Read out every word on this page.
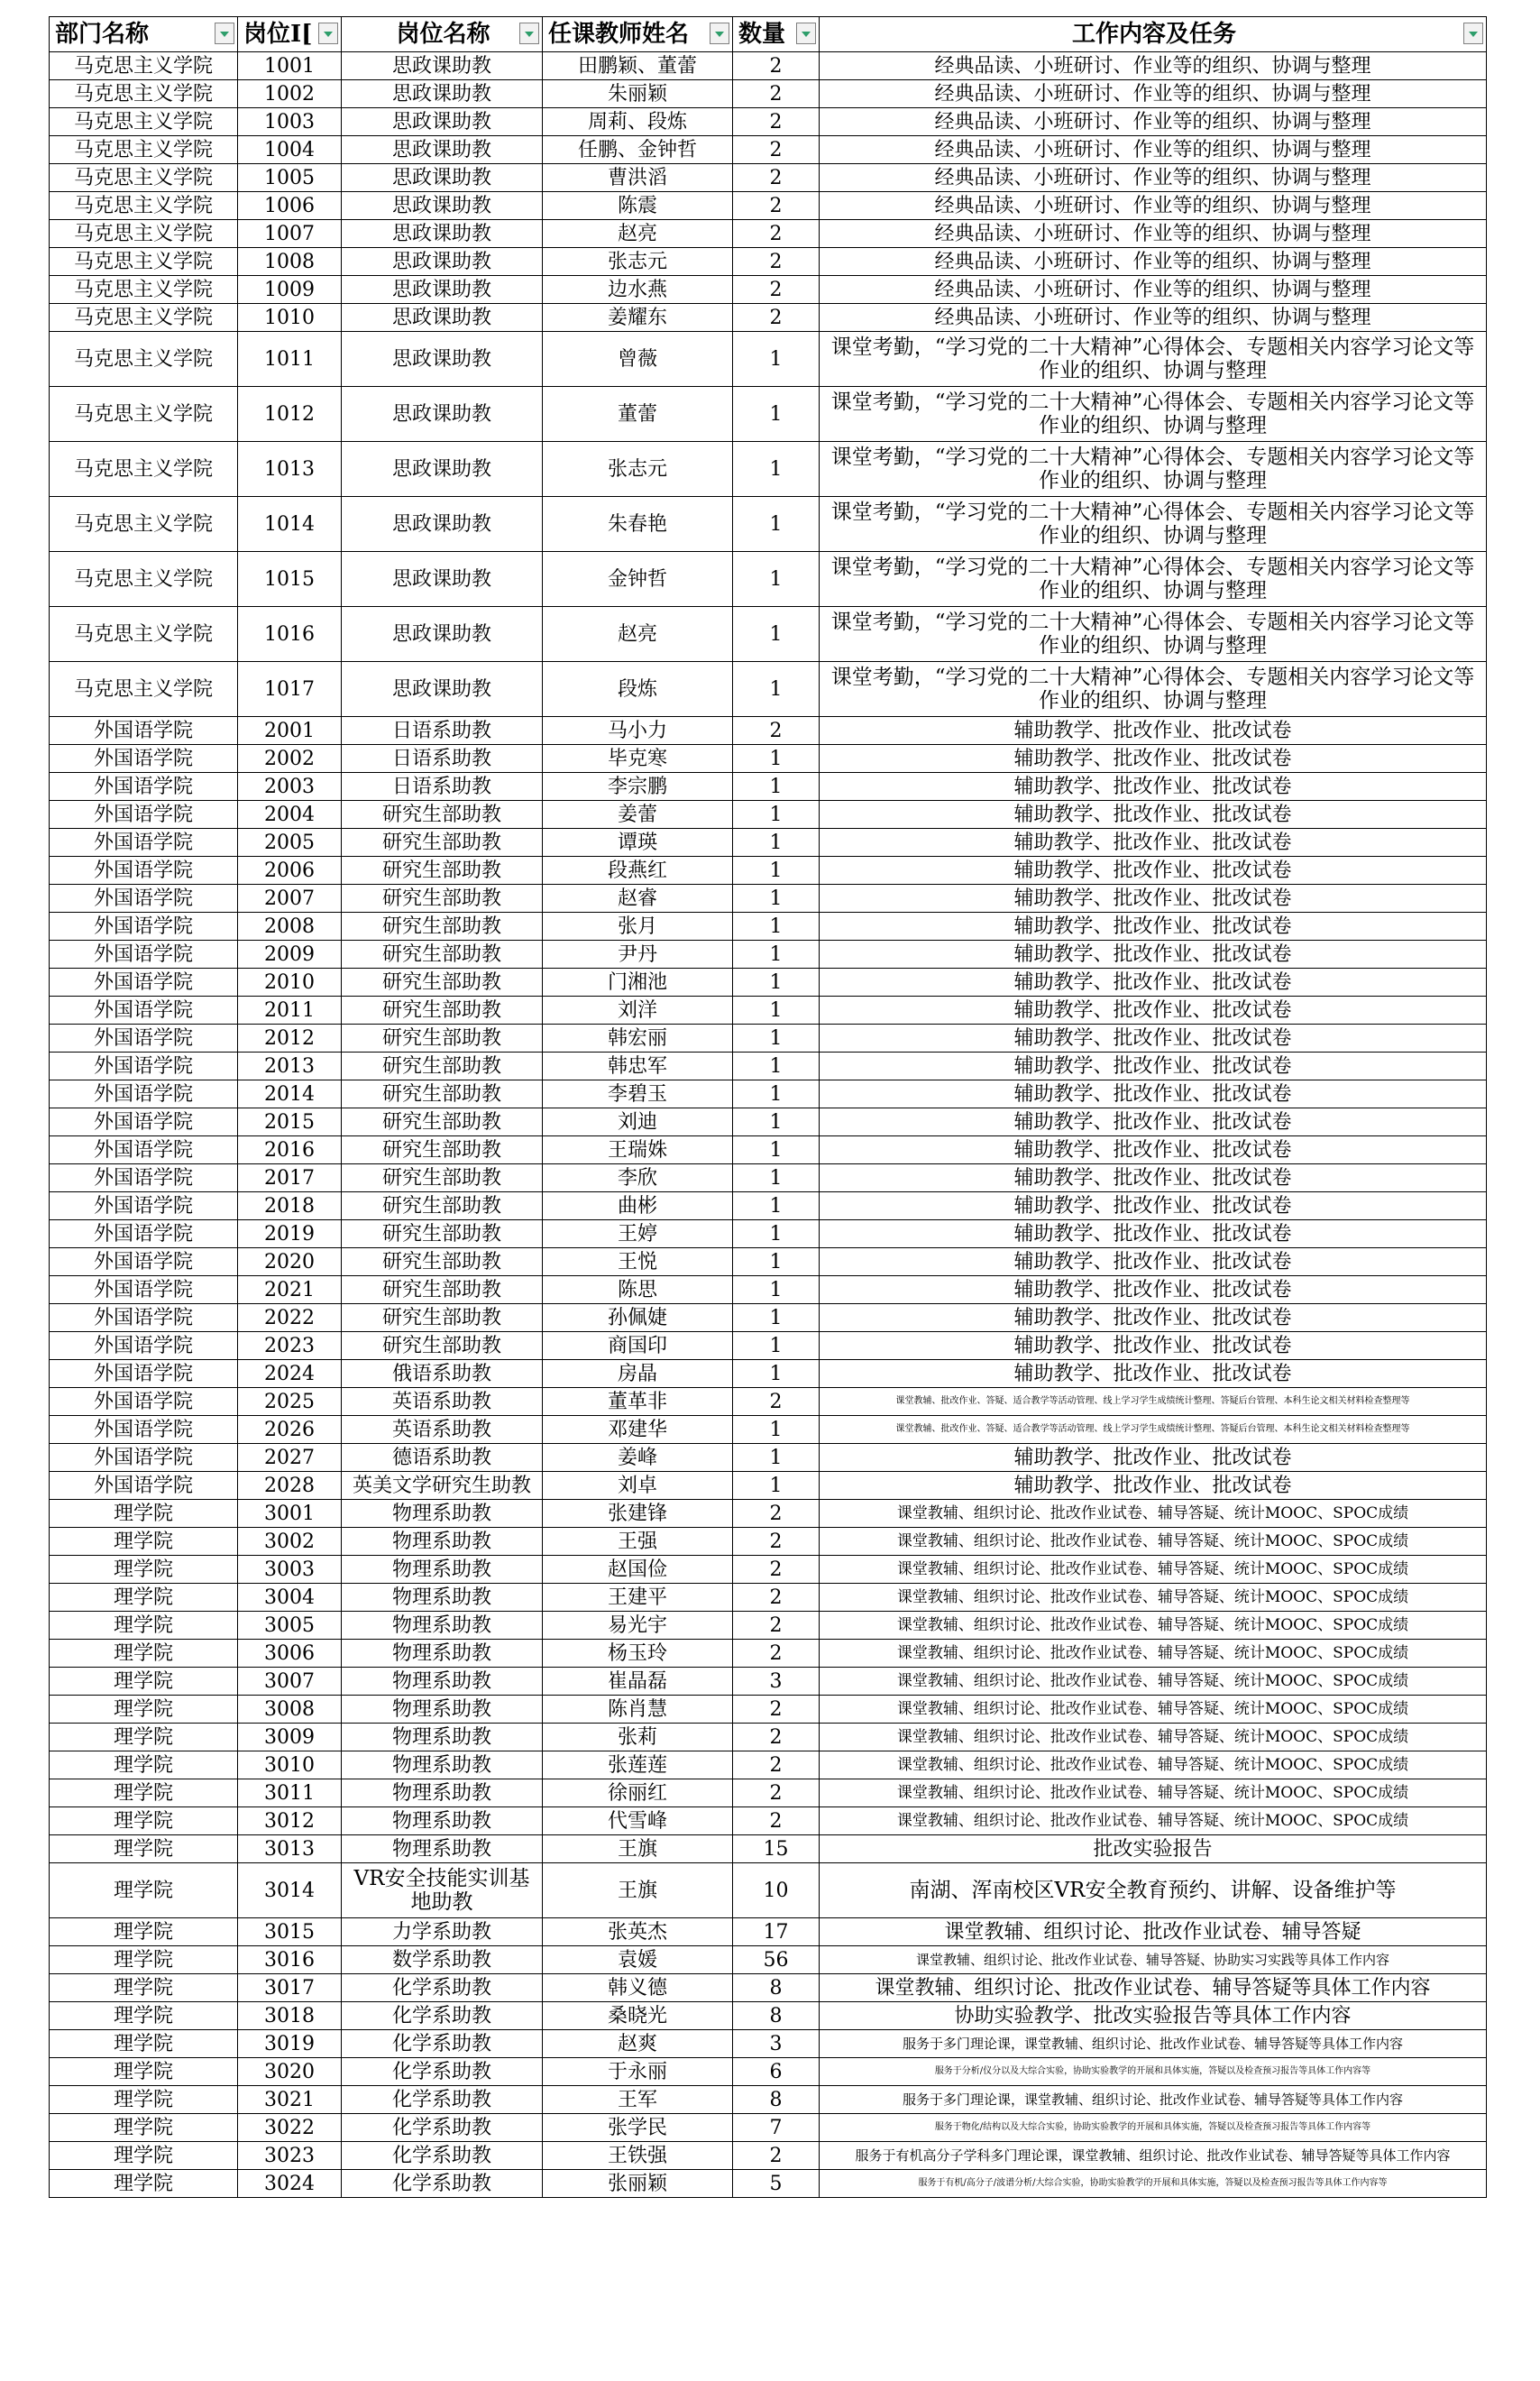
部门名称	岗位I[	岗位名称	任课教师姓名	数量	工作内容及任务

马克思主义学院	1001	思政课助教	田鹏颖、董蕾	2	经典品读、小班研讨、作业等的组织、协调与整理
马克思主义学院	1002	思政课助教	朱丽颖	2	经典品读、小班研讨、作业等的组织、协调与整理
马克思主义学院	1003	思政课助教	周莉、段炼	2	经典品读、小班研讨、作业等的组织、协调与整理
马克思主义学院	1004	思政课助教	任鹏、金钟哲	2	经典品读、小班研讨、作业等的组织、协调与整理
马克思主义学院	1005	思政课助教	曹洪滔	2	经典品读、小班研讨、作业等的组织、协调与整理
马克思主义学院	1006	思政课助教	陈震	2	经典品读、小班研讨、作业等的组织、协调与整理
马克思主义学院	1007	思政课助教	赵亮	2	经典品读、小班研讨、作业等的组织、协调与整理
马克思主义学院	1008	思政课助教	张志元	2	经典品读、小班研讨、作业等的组织、协调与整理
马克思主义学院	1009	思政课助教	边水燕	2	经典品读、小班研讨、作业等的组织、协调与整理
马克思主义学院	1010	思政课助教	姜耀东	2	经典品读、小班研讨、作业等的组织、协调与整理
马克思主义学院	1011	思政课助教	曾薇	1	课堂考勤，“学习党的二十大精神”心得体会、专题相关内容学习论文等作业的组织、协调与整理
马克思主义学院	1012	思政课助教	董蕾	1	课堂考勤，“学习党的二十大精神”心得体会、专题相关内容学习论文等作业的组织、协调与整理
马克思主义学院	1013	思政课助教	张志元	1	课堂考勤，“学习党的二十大精神”心得体会、专题相关内容学习论文等作业的组织、协调与整理
马克思主义学院	1014	思政课助教	朱春艳	1	课堂考勤，“学习党的二十大精神”心得体会、专题相关内容学习论文等作业的组织、协调与整理
马克思主义学院	1015	思政课助教	金钟哲	1	课堂考勤，“学习党的二十大精神”心得体会、专题相关内容学习论文等作业的组织、协调与整理
马克思主义学院	1016	思政课助教	赵亮	1	课堂考勤，“学习党的二十大精神”心得体会、专题相关内容学习论文等作业的组织、协调与整理
马克思主义学院	1017	思政课助教	段炼	1	课堂考勤，“学习党的二十大精神”心得体会、专题相关内容学习论文等作业的组织、协调与整理
外国语学院	2001	日语系助教	马小力	2	辅助教学、批改作业、批改试卷
外国语学院	2002	日语系助教	毕克寒	1	辅助教学、批改作业、批改试卷
外国语学院	2003	日语系助教	李宗鹏	1	辅助教学、批改作业、批改试卷
外国语学院	2004	研究生部助教	姜蕾	1	辅助教学、批改作业、批改试卷
外国语学院	2005	研究生部助教	谭瑛	1	辅助教学、批改作业、批改试卷
外国语学院	2006	研究生部助教	段燕红	1	辅助教学、批改作业、批改试卷
外国语学院	2007	研究生部助教	赵睿	1	辅助教学、批改作业、批改试卷
外国语学院	2008	研究生部助教	张月	1	辅助教学、批改作业、批改试卷
外国语学院	2009	研究生部助教	尹丹	1	辅助教学、批改作业、批改试卷
外国语学院	2010	研究生部助教	门湘池	1	辅助教学、批改作业、批改试卷
外国语学院	2011	研究生部助教	刘洋	1	辅助教学、批改作业、批改试卷
外国语学院	2012	研究生部助教	韩宏丽	1	辅助教学、批改作业、批改试卷
外国语学院	2013	研究生部助教	韩忠军	1	辅助教学、批改作业、批改试卷
外国语学院	2014	研究生部助教	李碧玉	1	辅助教学、批改作业、批改试卷
外国语学院	2015	研究生部助教	刘迪	1	辅助教学、批改作业、批改试卷
外国语学院	2016	研究生部助教	王瑞姝	1	辅助教学、批改作业、批改试卷
外国语学院	2017	研究生部助教	李欣	1	辅助教学、批改作业、批改试卷
外国语学院	2018	研究生部助教	曲彬	1	辅助教学、批改作业、批改试卷
外国语学院	2019	研究生部助教	王婷	1	辅助教学、批改作业、批改试卷
外国语学院	2020	研究生部助教	王悦	1	辅助教学、批改作业、批改试卷
外国语学院	2021	研究生部助教	陈思	1	辅助教学、批改作业、批改试卷
外国语学院	2022	研究生部助教	孙佩婕	1	辅助教学、批改作业、批改试卷
外国语学院	2023	研究生部助教	商国印	1	辅助教学、批改作业、批改试卷
外国语学院	2024	俄语系助教	房晶	1	辅助教学、批改作业、批改试卷
外国语学院	2025	英语系助教	董革非	2	课堂教辅、批改作业、答疑、适合教学等活动管理、线上学习学生成绩统计整理、答疑后台管理、本科生论文相关材料检查整理等
外国语学院	2026	英语系助教	邓建华	1	课堂教辅、批改作业、答疑、适合教学等活动管理、线上学习学生成绩统计整理、答疑后台管理、本科生论文相关材料检查整理等
外国语学院	2027	德语系助教	姜峰	1	辅助教学、批改作业、批改试卷
外国语学院	2028	英美文学研究生助教	刘卓	1	辅助教学、批改作业、批改试卷
理学院	3001	物理系助教	张建锋	2	课堂教辅、组织讨论、批改作业试卷、辅导答疑、统计MOOC、SPOC成绩
理学院	3002	物理系助教	王强	2	课堂教辅、组织讨论、批改作业试卷、辅导答疑、统计MOOC、SPOC成绩
理学院	3003	物理系助教	赵国俭	2	课堂教辅、组织讨论、批改作业试卷、辅导答疑、统计MOOC、SPOC成绩
理学院	3004	物理系助教	王建平	2	课堂教辅、组织讨论、批改作业试卷、辅导答疑、统计MOOC、SPOC成绩
理学院	3005	物理系助教	易光宇	2	课堂教辅、组织讨论、批改作业试卷、辅导答疑、统计MOOC、SPOC成绩
理学院	3006	物理系助教	杨玉玲	2	课堂教辅、组织讨论、批改作业试卷、辅导答疑、统计MOOC、SPOC成绩
理学院	3007	物理系助教	崔晶磊	3	课堂教辅、组织讨论、批改作业试卷、辅导答疑、统计MOOC、SPOC成绩
理学院	3008	物理系助教	陈肖慧	2	课堂教辅、组织讨论、批改作业试卷、辅导答疑、统计MOOC、SPOC成绩
理学院	3009	物理系助教	张莉	2	课堂教辅、组织讨论、批改作业试卷、辅导答疑、统计MOOC、SPOC成绩
理学院	3010	物理系助教	张莲莲	2	课堂教辅、组织讨论、批改作业试卷、辅导答疑、统计MOOC、SPOC成绩
理学院	3011	物理系助教	徐丽红	2	课堂教辅、组织讨论、批改作业试卷、辅导答疑、统计MOOC、SPOC成绩
理学院	3012	物理系助教	代雪峰	2	课堂教辅、组织讨论、批改作业试卷、辅导答疑、统计MOOC、SPOC成绩
理学院	3013	物理系助教	王旗	15	批改实验报告
理学院	3014	VR安全技能实训基地助教	王旗	10	南湖、浑南校区VR安全教育预约、讲解、设备维护等
理学院	3015	力学系助教	张英杰	17	课堂教辅、组织讨论、批改作业试卷、辅导答疑
理学院	3016	数学系助教	袁媛	56	课堂教辅、组织讨论、批改作业试卷、辅导答疑、协助实习实践等具体工作内容
理学院	3017	化学系助教	韩义德	8	课堂教辅、组织讨论、批改作业试卷、辅导答疑等具体工作内容
理学院	3018	化学系助教	桑晓光	8	协助实验教学、批改实验报告等具体工作内容
理学院	3019	化学系助教	赵爽	3	服务于多门理论课，课堂教辅、组织讨论、批改作业试卷、辅导答疑等具体工作内容
理学院	3020	化学系助教	于永丽	6	服务于分析/仪分以及大综合实验，协助实验教学的开展和具体实施，答疑以及检查预习报告等具体工作内容等
理学院	3021	化学系助教	王军	8	服务于多门理论课，课堂教辅、组织讨论、批改作业试卷、辅导答疑等具体工作内容
理学院	3022	化学系助教	张学民	7	服务于物化/结构以及大综合实验，协助实验教学的开展和具体实施，答疑以及检查预习报告等具体工作内容等
理学院	3023	化学系助教	王铁强	2	服务于有机高分子学科多门理论课，课堂教辅、组织讨论、批改作业试卷、辅导答疑等具体工作内容
理学院	3024	化学系助教	张丽颖	5	服务于有机/高分子/波谱分析/大综合实验，协助实验教学的开展和具体实施，答疑以及检查预习报告等具体工作内容等
